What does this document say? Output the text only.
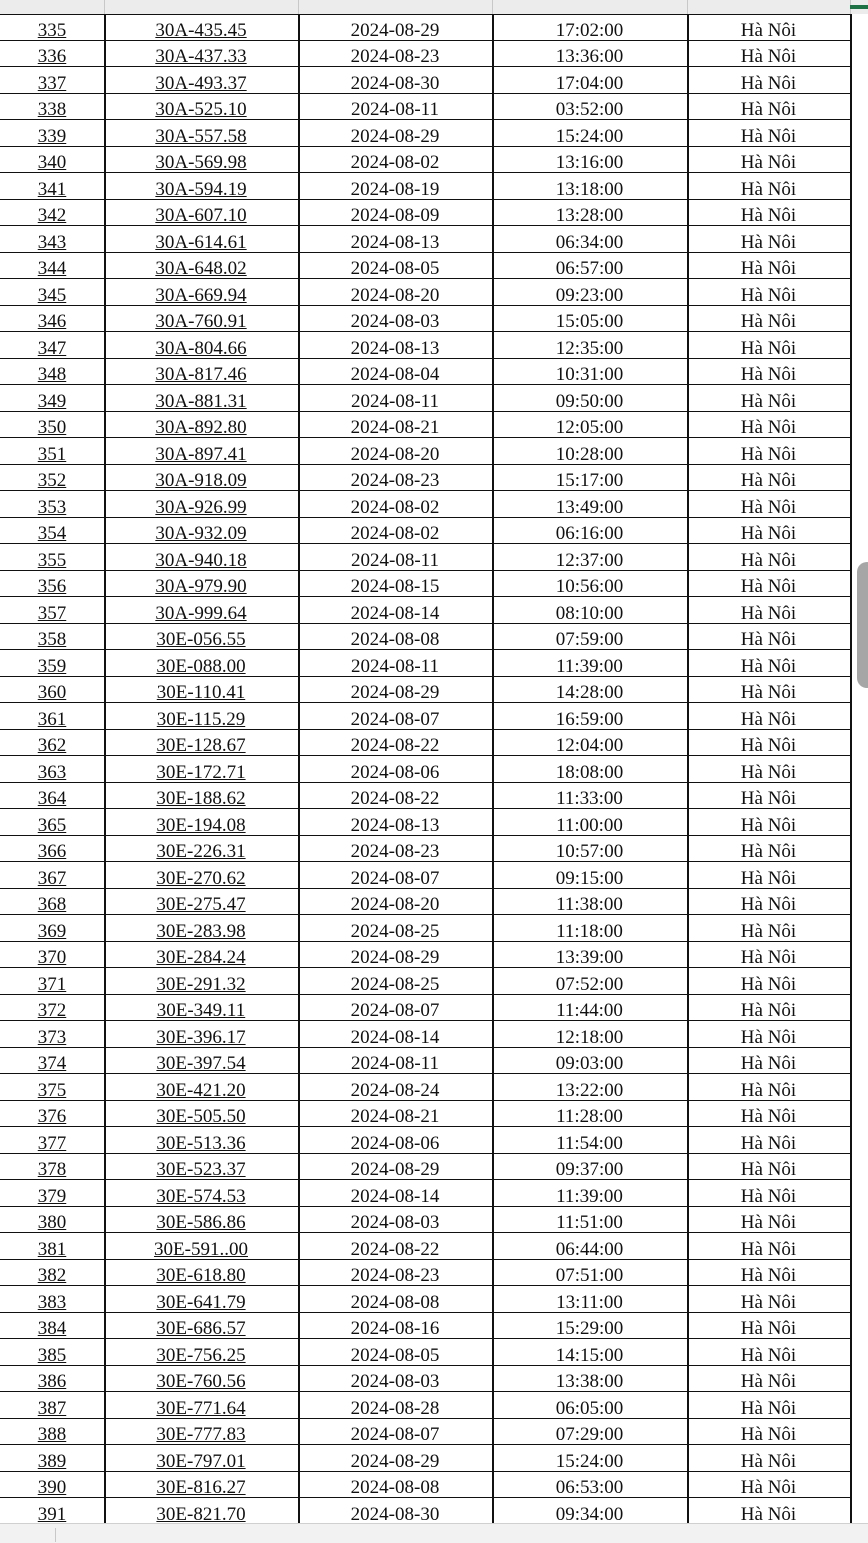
335	30A-435.45	2024-08-29	17:02:00	Hà Nôi
336	30A-437.33	2024-08-23	13:36:00	Hà Nôi
337	30A-493.37	2024-08-30	17:04:00	Hà Nôi
338	30A-525.10	2024-08-11	03:52:00	Hà Nôi
339	30A-557.58	2024-08-29	15:24:00	Hà Nôi
340	30A-569.98	2024-08-02	13:16:00	Hà Nôi
341	30A-594.19	2024-08-19	13:18:00	Hà Nôi
342	30A-607.10	2024-08-09	13:28:00	Hà Nôi
343	30A-614.61	2024-08-13	06:34:00	Hà Nôi
344	30A-648.02	2024-08-05	06:57:00	Hà Nôi
345	30A-669.94	2024-08-20	09:23:00	Hà Nôi
346	30A-760.91	2024-08-03	15:05:00	Hà Nôi
347	30A-804.66	2024-08-13	12:35:00	Hà Nôi
348	30A-817.46	2024-08-04	10:31:00	Hà Nôi
349	30A-881.31	2024-08-11	09:50:00	Hà Nôi
350	30A-892.80	2024-08-21	12:05:00	Hà Nôi
351	30A-897.41	2024-08-20	10:28:00	Hà Nôi
352	30A-918.09	2024-08-23	15:17:00	Hà Nôi
353	30A-926.99	2024-08-02	13:49:00	Hà Nôi
354	30A-932.09	2024-08-02	06:16:00	Hà Nôi
355	30A-940.18	2024-08-11	12:37:00	Hà Nôi
356	30A-979.90	2024-08-15	10:56:00	Hà Nôi
357	30A-999.64	2024-08-14	08:10:00	Hà Nôi
358	30E-056.55	2024-08-08	07:59:00	Hà Nôi
359	30E-088.00	2024-08-11	11:39:00	Hà Nôi
360	30E-110.41	2024-08-29	14:28:00	Hà Nôi
361	30E-115.29	2024-08-07	16:59:00	Hà Nôi
362	30E-128.67	2024-08-22	12:04:00	Hà Nôi
363	30E-172.71	2024-08-06	18:08:00	Hà Nôi
364	30E-188.62	2024-08-22	11:33:00	Hà Nôi
365	30E-194.08	2024-08-13	11:00:00	Hà Nôi
366	30E-226.31	2024-08-23	10:57:00	Hà Nôi
367	30E-270.62	2024-08-07	09:15:00	Hà Nôi
368	30E-275.47	2024-08-20	11:38:00	Hà Nôi
369	30E-283.98	2024-08-25	11:18:00	Hà Nôi
370	30E-284.24	2024-08-29	13:39:00	Hà Nôi
371	30E-291.32	2024-08-25	07:52:00	Hà Nôi
372	30E-349.11	2024-08-07	11:44:00	Hà Nôi
373	30E-396.17	2024-08-14	12:18:00	Hà Nôi
374	30E-397.54	2024-08-11	09:03:00	Hà Nôi
375	30E-421.20	2024-08-24	13:22:00	Hà Nôi
376	30E-505.50	2024-08-21	11:28:00	Hà Nôi
377	30E-513.36	2024-08-06	11:54:00	Hà Nôi
378	30E-523.37	2024-08-29	09:37:00	Hà Nôi
379	30E-574.53	2024-08-14	11:39:00	Hà Nôi
380	30E-586.86	2024-08-03	11:51:00	Hà Nôi
381	30E-591..00	2024-08-22	06:44:00	Hà Nôi
382	30E-618.80	2024-08-23	07:51:00	Hà Nôi
383	30E-641.79	2024-08-08	13:11:00	Hà Nôi
384	30E-686.57	2024-08-16	15:29:00	Hà Nôi
385	30E-756.25	2024-08-05	14:15:00	Hà Nôi
386	30E-760.56	2024-08-03	13:38:00	Hà Nôi
387	30E-771.64	2024-08-28	06:05:00	Hà Nôi
388	30E-777.83	2024-08-07	07:29:00	Hà Nôi
389	30E-797.01	2024-08-29	15:24:00	Hà Nôi
390	30E-816.27	2024-08-08	06:53:00	Hà Nôi
391	30E-821.70	2024-08-30	09:34:00	Hà Nôi
